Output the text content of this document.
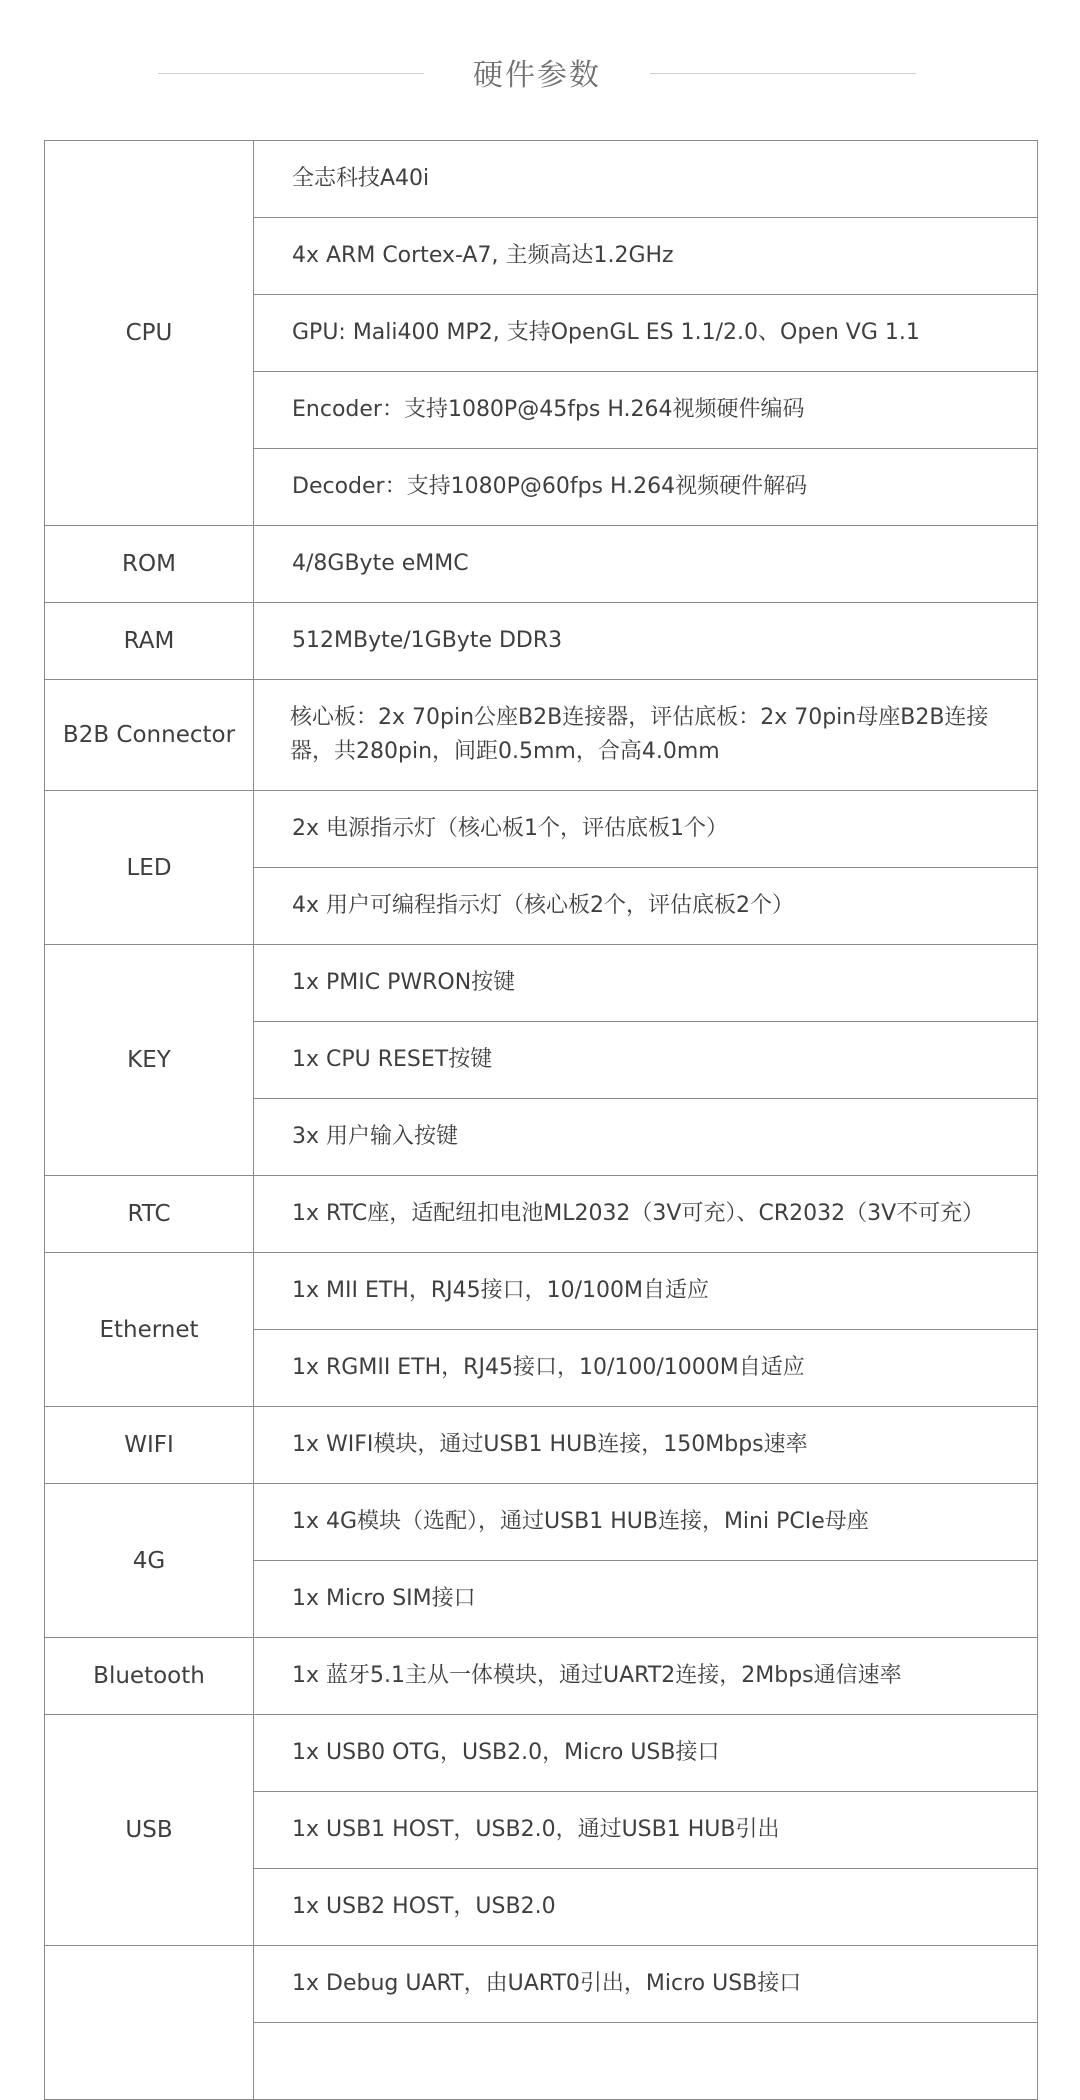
硬件参数
CPU	全志科技A40i
	4x ARM Cortex-A7, 主频高达1.2GHz
	GPU: Mali400 MP2, 支持OpenGL ES 1.1/2.0、Open VG 1.1
	Encoder：支持1080P@45fps H.264视频硬件编码
	Decoder：支持1080P@60fps H.264视频硬件解码
ROM	4/8GByte eMMC
RAM	512MByte/1GByte DDR3
B2B Connector	核心板：2x 70pin公座B2B连接器，评估底板：2x 70pin母座B2B连接器，共280pin，间距0.5mm，合高4.0mm
LED	2x 电源指示灯（核心板1个，评估底板1个）
	4x 用户可编程指示灯（核心板2个，评估底板2个）
KEY	1x PMIC PWRON按键
	1x CPU RESET按键
	3x 用户输入按键
RTC	1x RTC座，适配纽扣电池ML2032（3V可充）、CR2032（3V不可充）
Ethernet	1x MII ETH，RJ45接口，10/100M自适应
	1x RGMII ETH，RJ45接口，10/100/1000M自适应
WIFI	1x WIFI模块，通过USB1 HUB连接，150Mbps速率
4G	1x 4G模块（选配），通过USB1 HUB连接，Mini PCIe母座
	1x Micro SIM接口
Bluetooth	1x 蓝牙5.1主从一体模块，通过UART2连接，2Mbps通信速率
USB	1x USB0 OTG，USB2.0，Micro USB接口
	1x USB1 HOST，USB2.0，通过USB1 HUB引出
	1x USB2 HOST，USB2.0
	1x Debug UART，由UART0引出，Micro USB接口
